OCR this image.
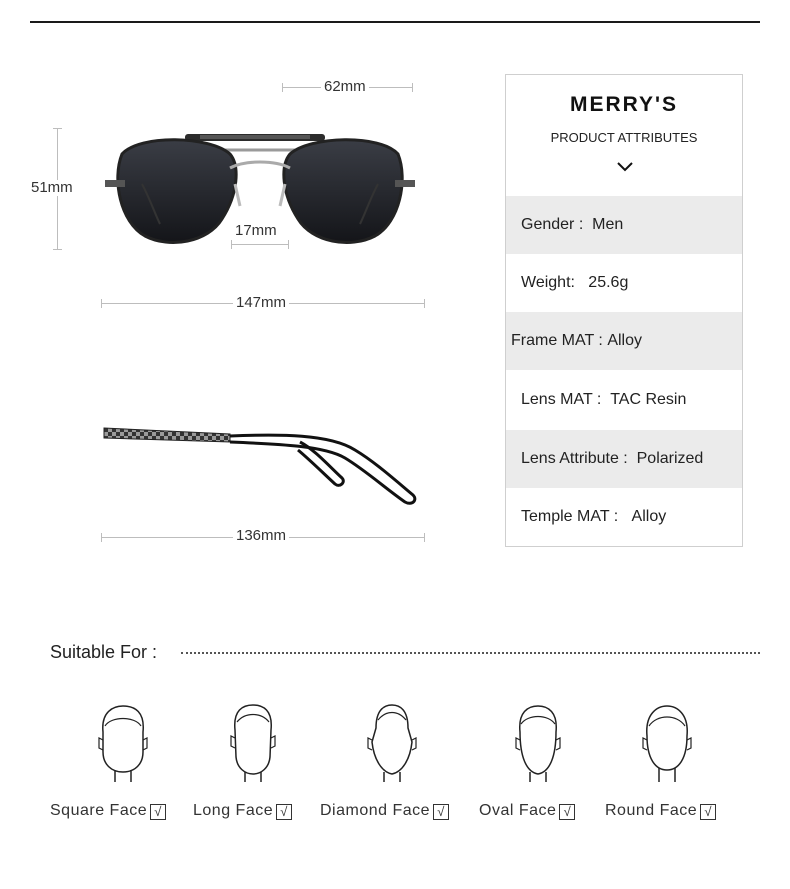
62mm
51mm
17mm
147mm
136mm
MERRY'S
PRODUCT ATTRIBUTES
Gender : Men
Weight: 25.6g
Frame MAT : Alloy
Lens MAT : TAC Resin
Lens Attribute : Polarized
Temple MAT : Alloy
Suitable For :
Square Face √ Long Face √ Diamond Face √ Oval Face √ Round Face √
